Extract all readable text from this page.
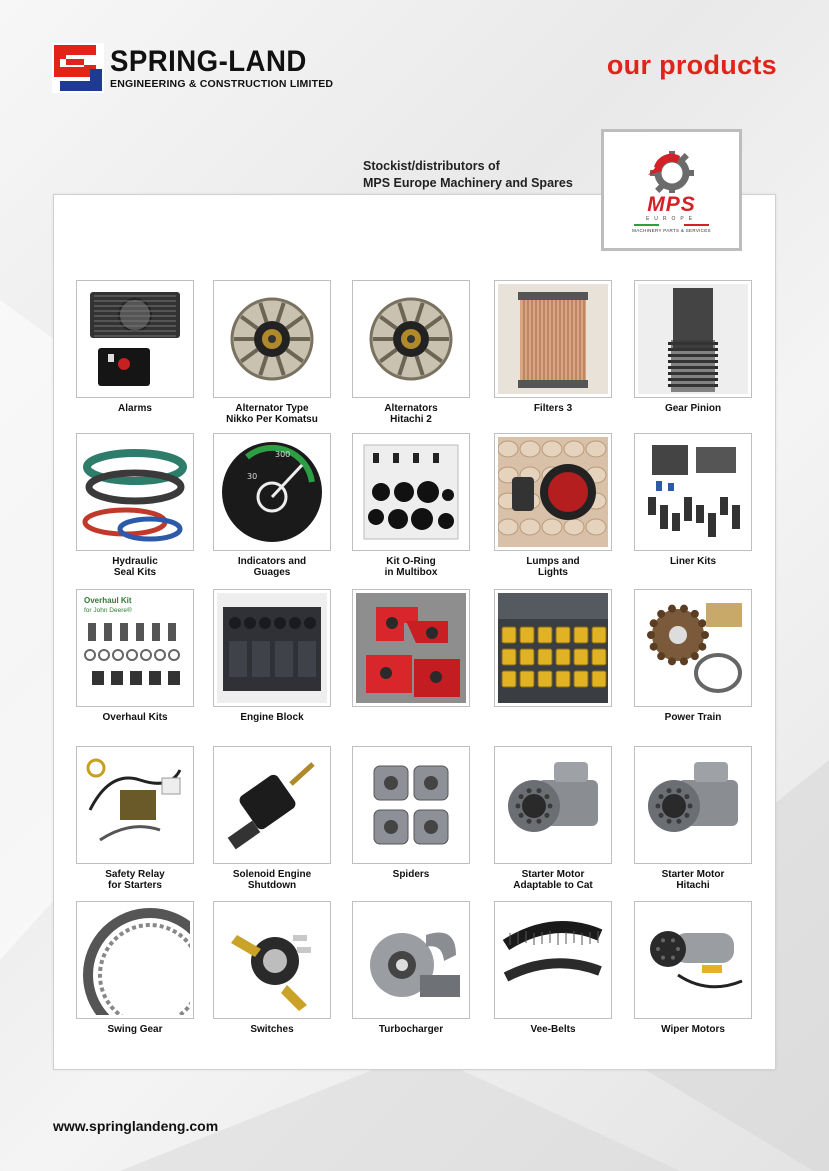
SPRING-LAND
ENGINEERING & CONSTRUCTION LIMITED
our products
Stockist/distributors of
MPS Europe Machinery and Spares
MPS
EUROPE
MACHINERY PARTS & SERVICES
Alarms	Alternator Type
Nikko Per Komatsu
Alternators
Hitachi 2
Filters 3	Gear Pinion
Hydraulic
Seal Kits
300
30
Indicators and
Guages
Kit O-Ring
in Multibox
Lumps and
Lights
Liner Kits
Overhaul Kit
for John Deere®
Overhaul Kits	Engine Block	Power Train
Safety Relay
for Starters
Solenoid Engine
Shutdown
Spiders	Starter Motor
Adaptable to Cat
Starter Motor
Hitachi
Swing Gear	Switches	Turbocharger	Vee-Belts	Wiper Motors
www.springlandeng.com
